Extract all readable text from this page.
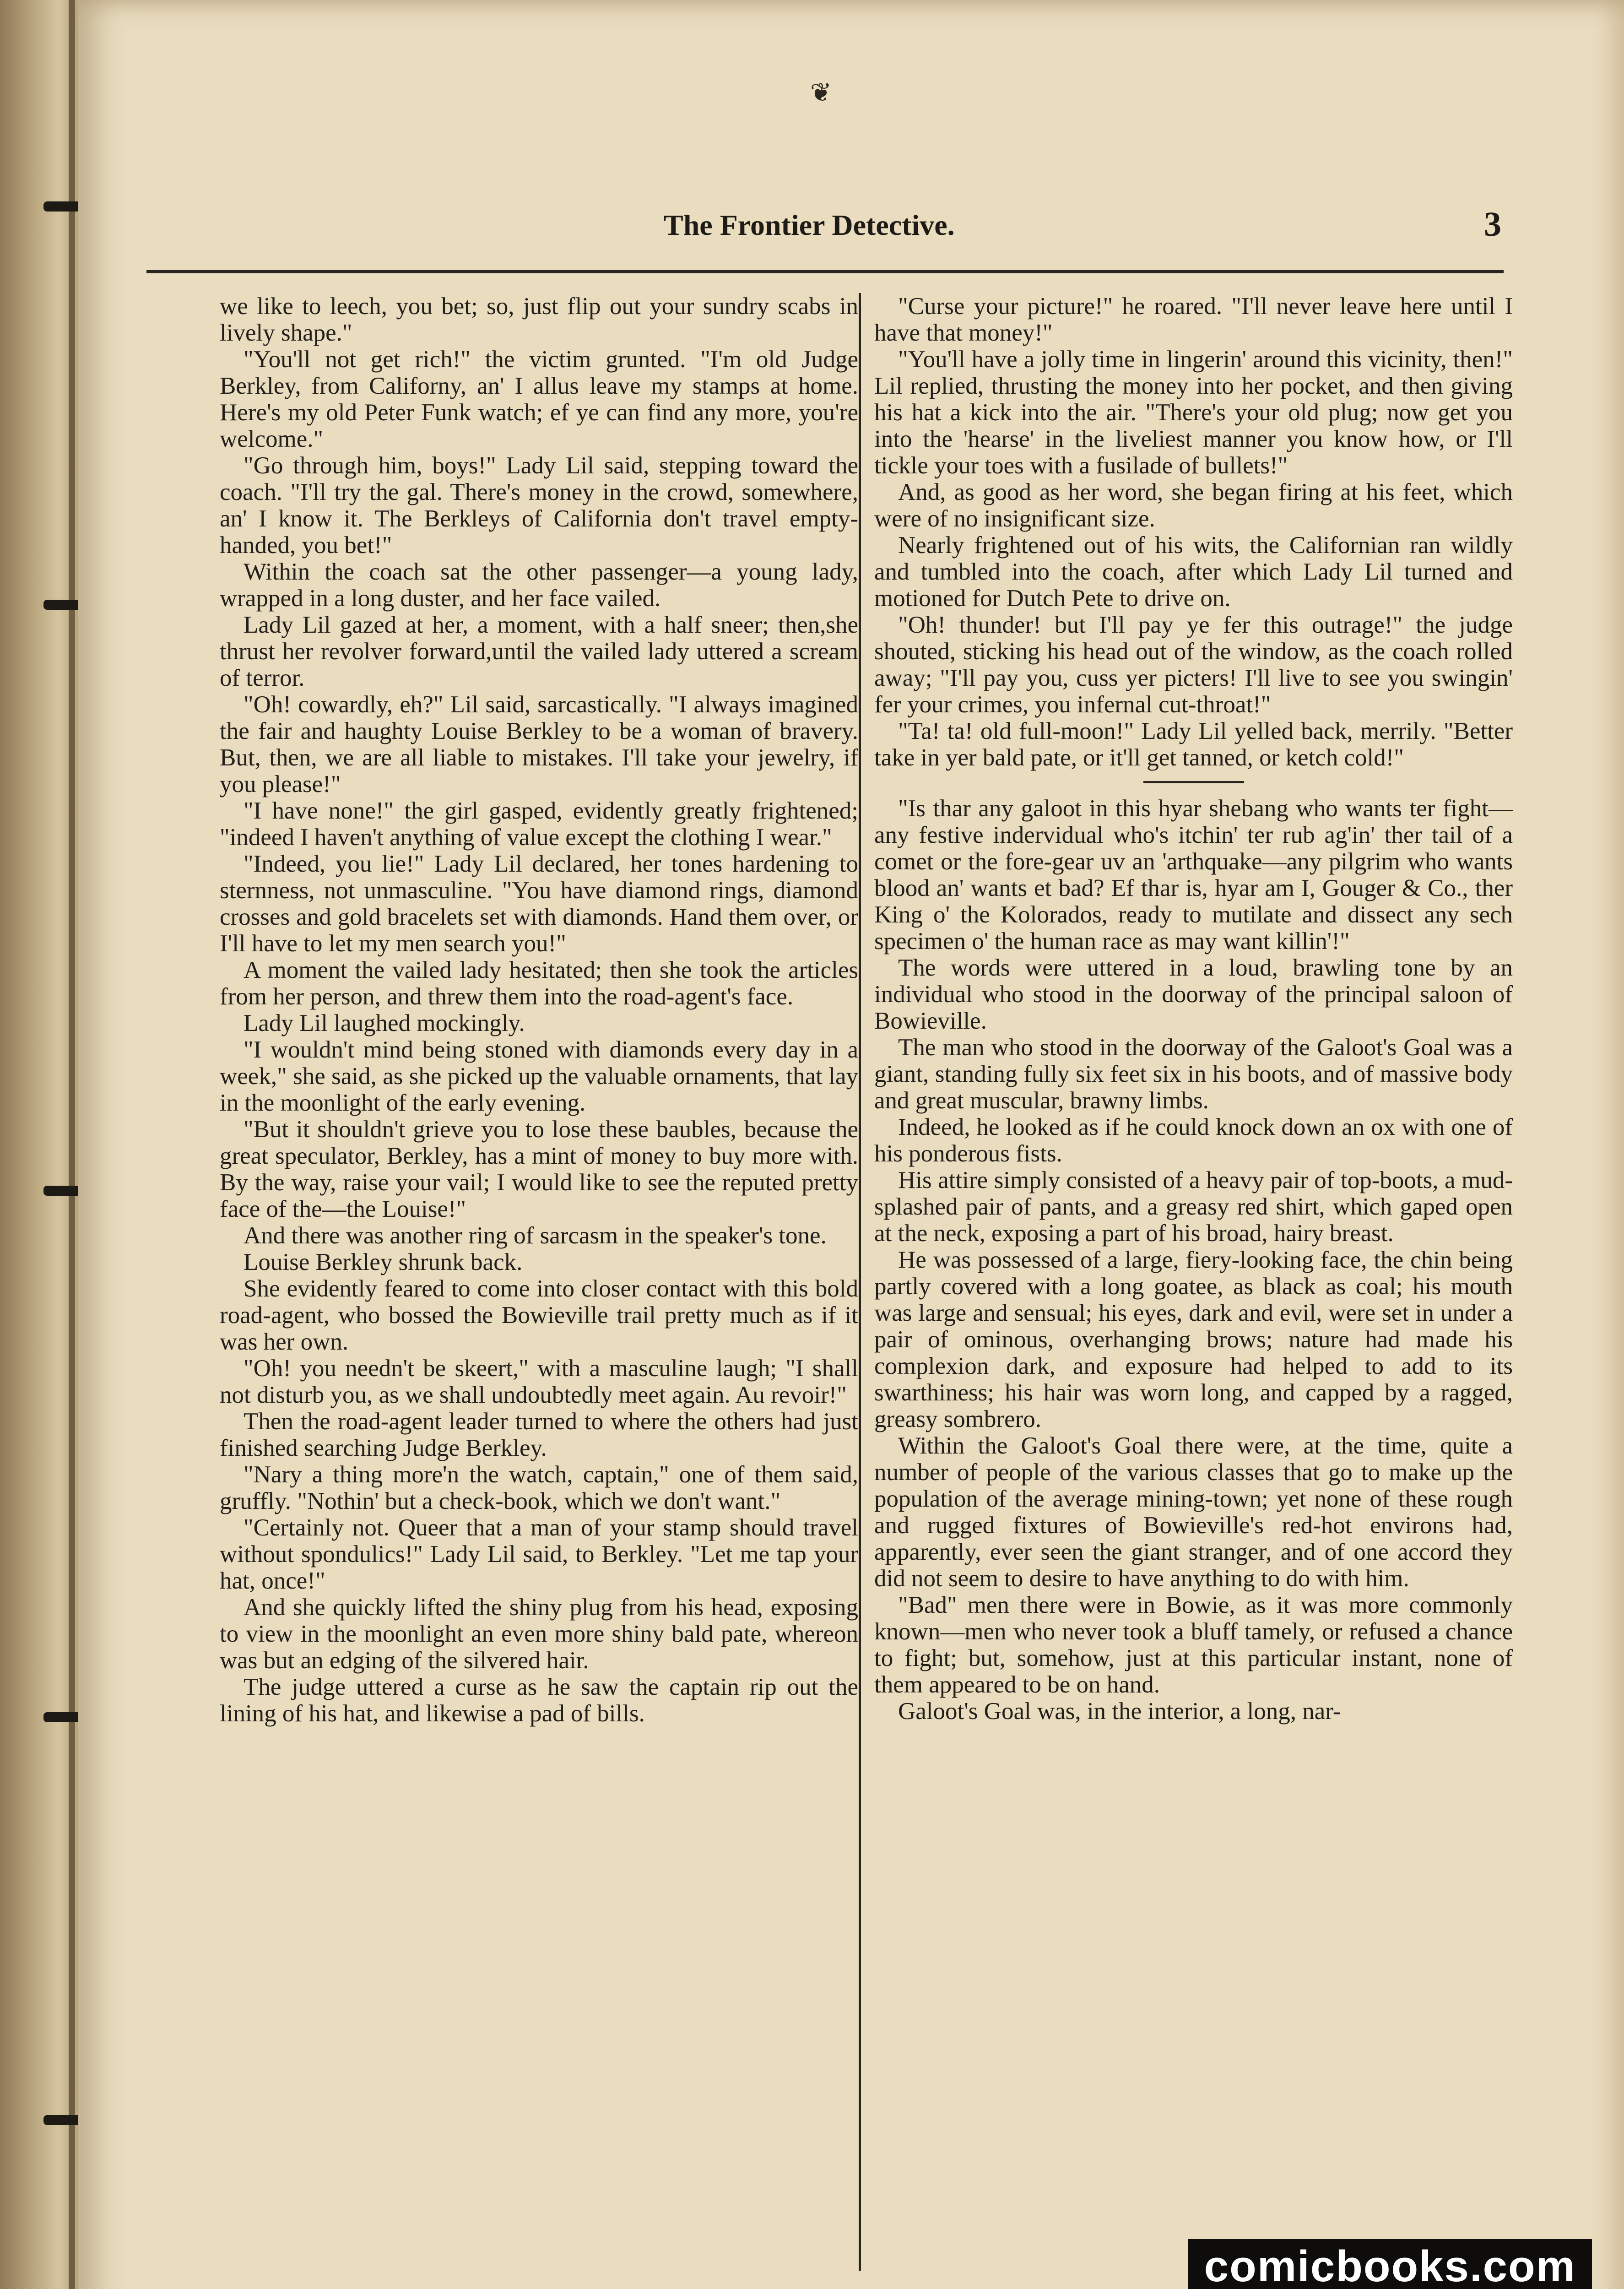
❦
The Frontier Detective.	3

we like to leech, you bet; so, just flip out your sundry scabs in lively shape."

"You'll not get rich!" the victim grunted. "I'm old Judge Berkley, from Californy, an' I allus leave my stamps at home. Here's my old Peter Funk watch; ef ye can find any more, you're welcome."

"Go through him, boys!" Lady Lil said, stepping toward the coach. "I'll try the gal. There's money in the crowd, somewhere, an' I know it. The Berkleys of California don't travel empty-handed, you bet!"

Within the coach sat the other passenger—a young lady, wrapped in a long duster, and her face vailed.

Lady Lil gazed at her, a moment, with a half sneer; then,she thrust her revolver forward,until the vailed lady uttered a scream of terror.

"Oh! cowardly, eh?" Lil said, sarcastically. "I always imagined the fair and haughty Louise Berkley to be a woman of bravery. But, then, we are all liable to mistakes. I'll take your jewelry, if you please!"

"I have none!" the girl gasped, evidently greatly frightened; "indeed I haven't anything of value except the clothing I wear."

"Indeed, you lie!" Lady Lil declared, her tones hardening to sternness, not unmasculine. "You have diamond rings, diamond crosses and gold bracelets set with diamonds. Hand them over, or I'll have to let my men search you!"

A moment the vailed lady hesitated; then she took the articles from her person, and threw them into the road-agent's face.

Lady Lil laughed mockingly.

"I wouldn't mind being stoned with diamonds every day in a week," she said, as she picked up the valuable ornaments, that lay in the moonlight of the early evening.

"But it shouldn't grieve you to lose these baubles, because the great speculator, Berkley, has a mint of money to buy more with. By the way, raise your vail; I would like to see the reputed pretty face of the—the Louise!"

And there was another ring of sarcasm in the speaker's tone.

Louise Berkley shrunk back.

She evidently feared to come into closer contact with this bold road-agent, who bossed the Bowieville trail pretty much as if it was her own.

"Oh! you needn't be skeert," with a masculine laugh; "I shall not disturb you, as we shall undoubtedly meet again. Au revoir!"

Then the road-agent leader turned to where the others had just finished searching Judge Berkley.

"Nary a thing more'n the watch, captain," one of them said, gruffly. "Nothin' but a check-book, which we don't want."

"Certainly not. Queer that a man of your stamp should travel without spondulics!" Lady Lil said, to Berkley. "Let me tap your hat, once!"

And she quickly lifted the shiny plug from his head, exposing to view in the moonlight an even more shiny bald pate, whereon was but an edging of the silvered hair.

The judge uttered a curse as he saw the captain rip out the lining of his hat, and likewise a pad of bills.

"Curse your picture!" he roared. "I'll never leave here until I have that money!"

"You'll have a jolly time in lingerin' around this vicinity, then!" Lil replied, thrusting the money into her pocket, and then giving his hat a kick into the air. "There's your old plug; now get you into the 'hearse' in the liveliest manner you know how, or I'll tickle your toes with a fusilade of bullets!"

And, as good as her word, she began firing at his feet, which were of no insignificant size.

Nearly frightened out of his wits, the Californian ran wildly and tumbled into the coach, after which Lady Lil turned and motioned for Dutch Pete to drive on.

"Oh! thunder! but I'll pay ye fer this outrage!" the judge shouted, sticking his head out of the window, as the coach rolled away; "I'll pay you, cuss yer picters! I'll live to see you swingin' fer your crimes, you infernal cut-throat!"

"Ta! ta! old full-moon!" Lady Lil yelled back, merrily. "Better take in yer bald pate, or it'll get tanned, or ketch cold!"

"Is thar any galoot in this hyar shebang who wants ter fight—any festive indervidual who's itchin' ter rub ag'in' ther tail of a comet or the fore-gear uv an 'arthquake—any pilgrim who wants blood an' wants et bad? Ef thar is, hyar am I, Gouger & Co., ther King o' the Kolorados, ready to mutilate and dissect any sech specimen o' the human race as may want killin'!"

The words were uttered in a loud, brawling tone by an individual who stood in the doorway of the principal saloon of Bowieville.

The man who stood in the doorway of the Galoot's Goal was a giant, standing fully six feet six in his boots, and of massive body and great muscular, brawny limbs.

Indeed, he looked as if he could knock down an ox with one of his ponderous fists.

His attire simply consisted of a heavy pair of top-boots, a mud-splashed pair of pants, and a greasy red shirt, which gaped open at the neck, exposing a part of his broad, hairy breast.

He was possessed of a large, fiery-looking face, the chin being partly covered with a long goatee, as black as coal; his mouth was large and sensual; his eyes, dark and evil, were set in under a pair of ominous, overhanging brows; nature had made his complexion dark, and exposure had helped to add to its swarthiness; his hair was worn long, and capped by a ragged, greasy sombrero.

Within the Galoot's Goal there were, at the time, quite a number of people of the various classes that go to make up the population of the average mining-town; yet none of these rough and rugged fixtures of Bowieville's red-hot environs had, apparently, ever seen the giant stranger, and of one accord they did not seem to desire to have anything to do with him.

"Bad" men there were in Bowie, as it was more commonly known—men who never took a bluff tamely, or refused a chance to fight; but, somehow, just at this particular instant, none of them appeared to be on hand.

Galoot's Goal was, in the interior, a long, nar-

comicbooks.com
